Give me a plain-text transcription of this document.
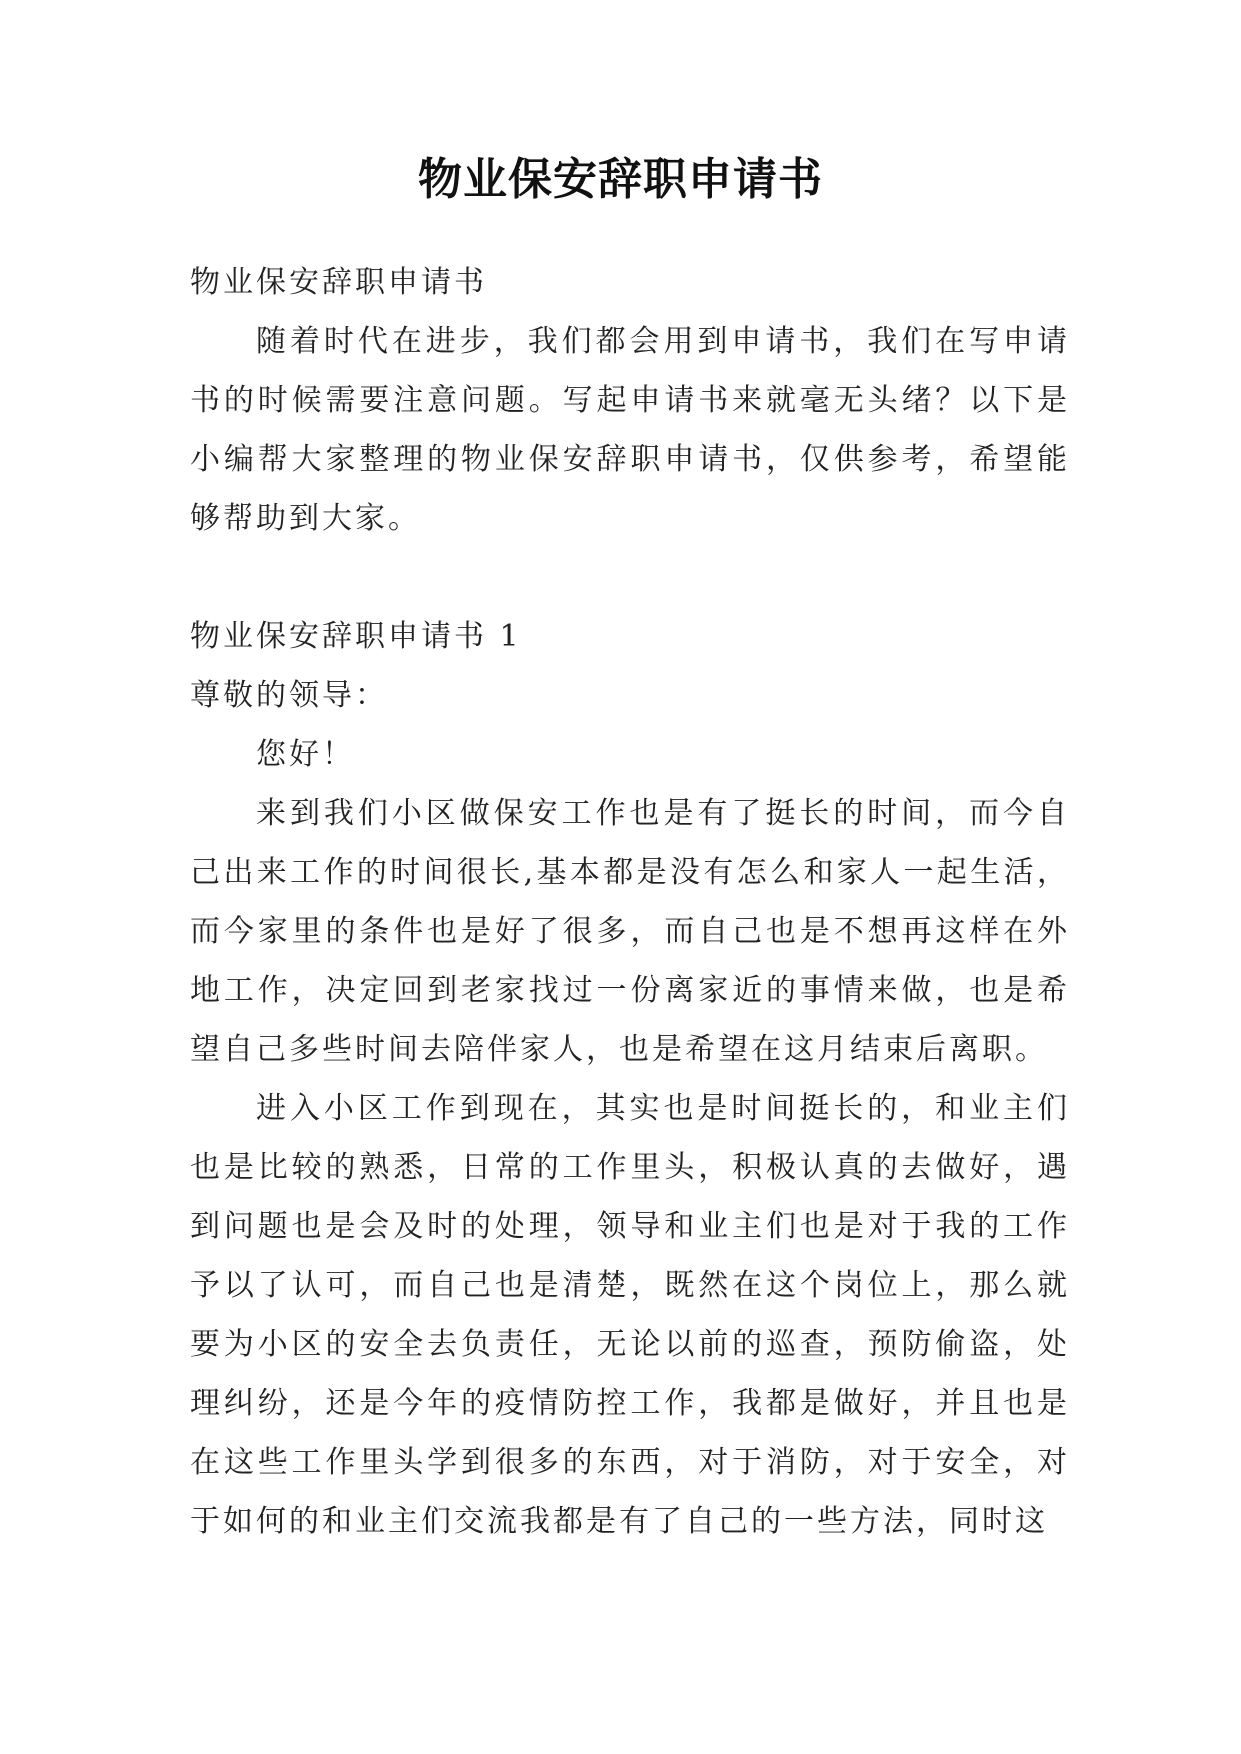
物业保安辞职申请书

物业保安辞职申请书

随着时代在进步，我们都会用到申请书，我们在写申请书的时候需要注意问题。写起申请书来就毫无头绪？以下是小编帮大家整理的物业保安辞职申请书，仅供参考，希望能够帮助到大家。

物业保安辞职申请书 1

尊敬的领导：

您好！

来到我们小区做保安工作也是有了挺长的时间，而今自己出来工作的时间很长,基本都是没有怎么和家人一起生活，而今家里的条件也是好了很多，而自己也是不想再这样在外地工作，决定回到老家找过一份离家近的事情来做，也是希望自己多些时间去陪伴家人，也是希望在这月结束后离职。

进入小区工作到现在，其实也是时间挺长的，和业主们也是比较的熟悉，日常的工作里头，积极认真的去做好，遇到问题也是会及时的处理，领导和业主们也是对于我的工作予以了认可，而自己也是清楚，既然在这个岗位上，那么就要为小区的安全去负责任，无论以前的巡查，预防偷盗，处理纠纷，还是今年的疫情防控工作，我都是做好，并且也是在这些工作里头学到很多的东西，对于消防，对于安全，对于如何的和业主们交流我都是有了自己的一些方法，同时这
